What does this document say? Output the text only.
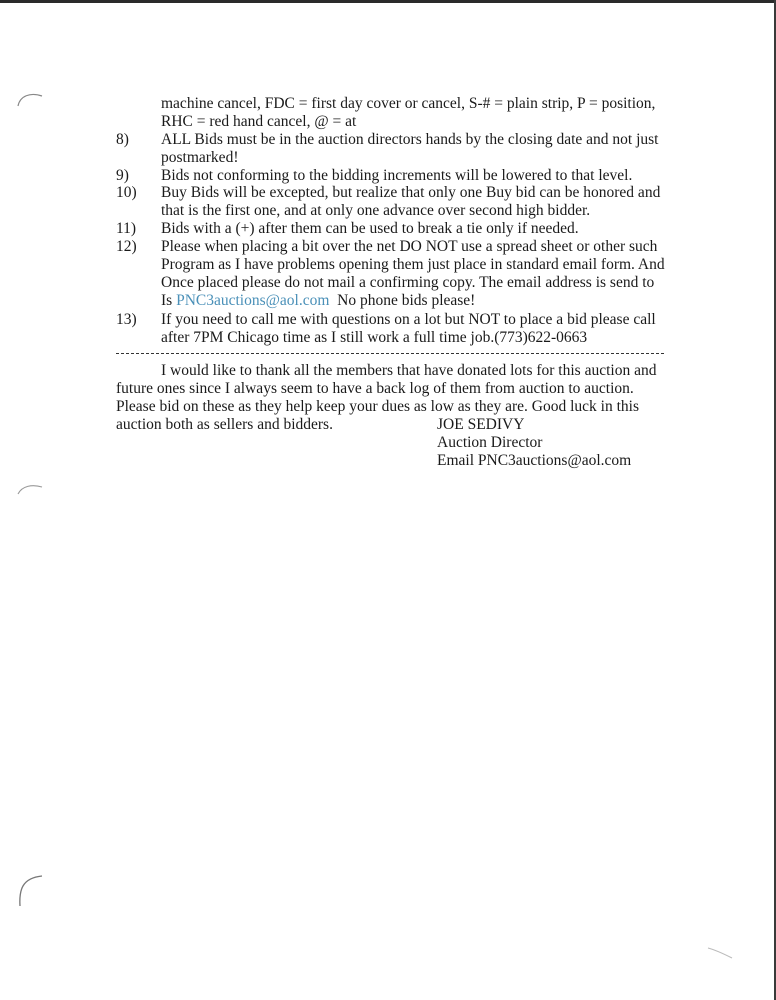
machine cancel, FDC = first day cover or cancel, S-# = plain strip, P = position,
RHC = red hand cancel, @ = at
8) ALL Bids must be in the auction directors hands by the closing date and not just
postmarked!
9) Bids not conforming to the bidding increments will be lowered to that level.
10) Buy Bids will be excepted, but realize that only one Buy bid can be honored and
that is the first one, and at only one advance over second high bidder.
11) Bids with a (+) after them can be used to break a tie only if needed.
12) Please when placing a bit over the net DO NOT use a spread sheet or other such
Program as I have problems opening them just place in standard email form. And
Once placed please do not mail a confirming copy. The email address is send to
Is PNC3auctions@aol.com No phone bids please!
13) If you need to call me with questions on a lot but NOT to place a bid please call
after 7PM Chicago time as I still work a full time job.(773)622-0663
I would like to thank all the members that have donated lots for this auction and
future ones since I always seem to have a back log of them from auction to auction.
Please bid on these as they help keep your dues as low as they are. Good luck in this
auction both as sellers and bidders.	JOE SEDIVY
Auction Director
Email PNC3auctions@aol.com
